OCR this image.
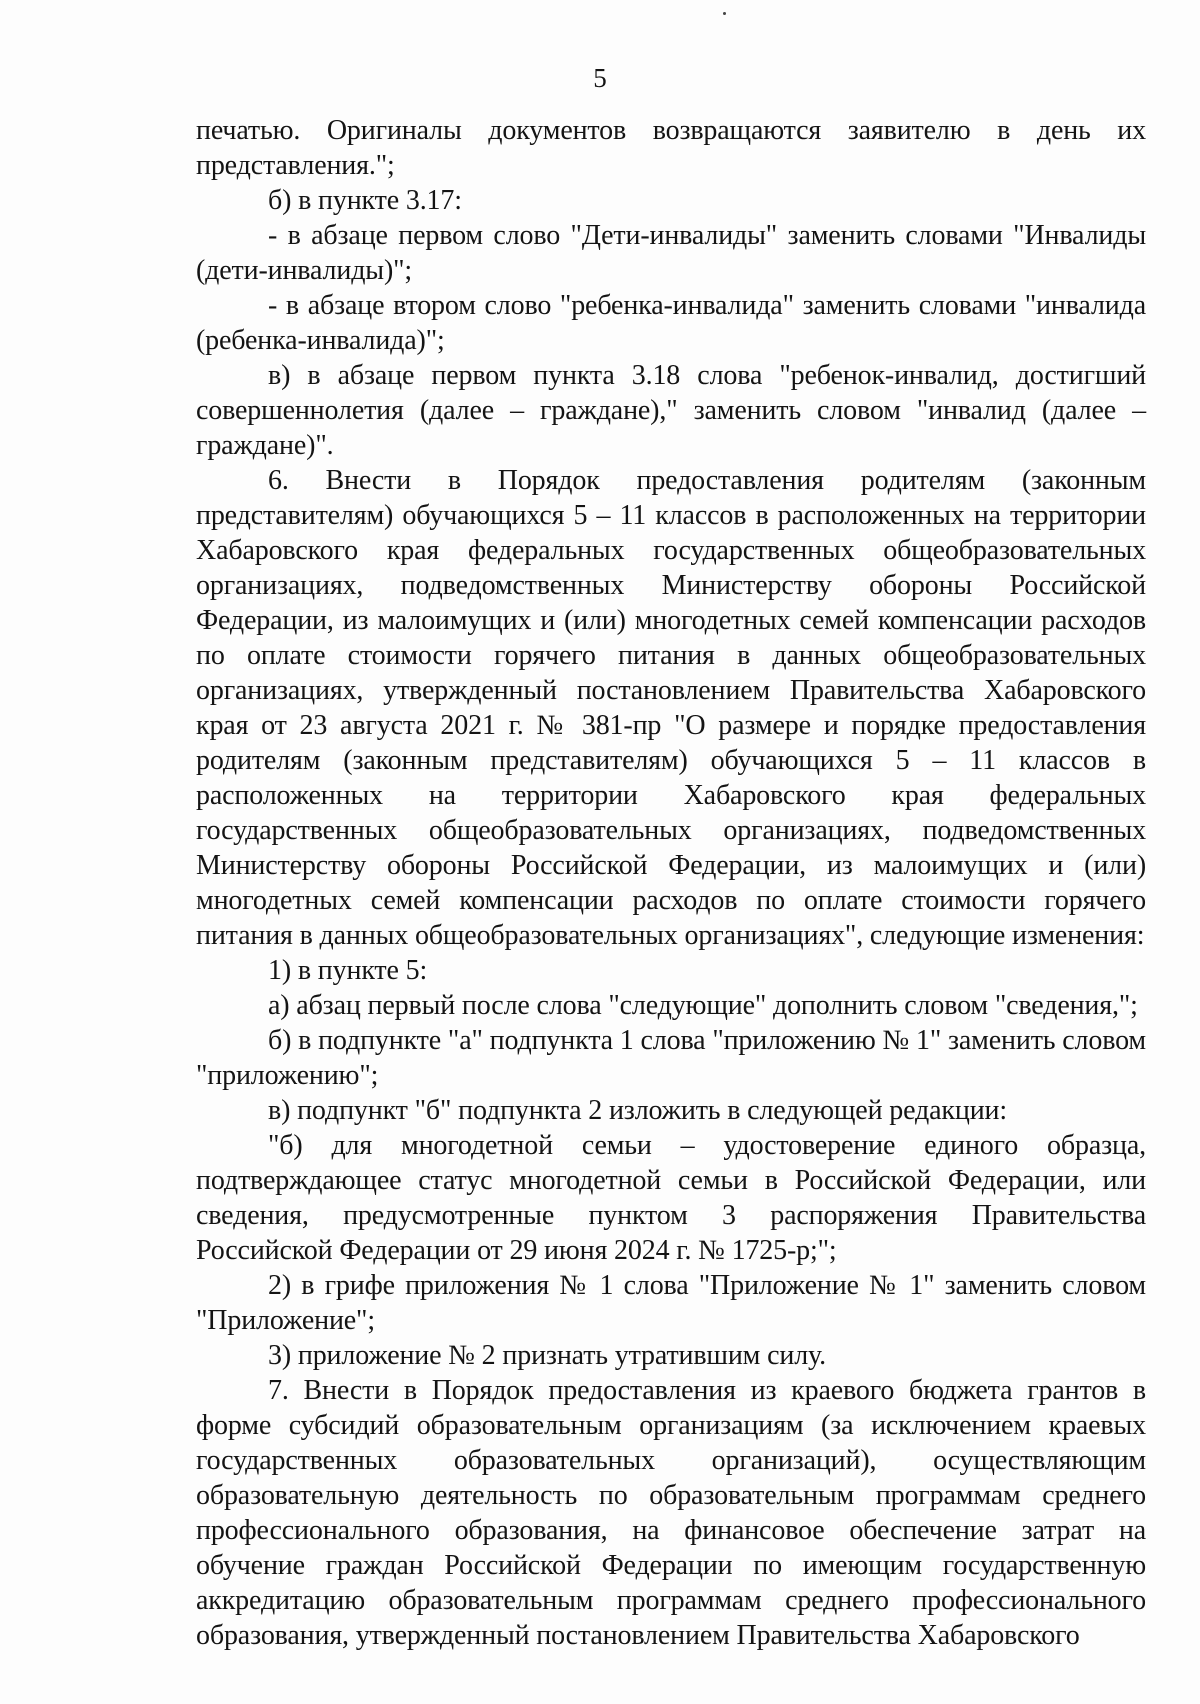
5

печатью. Оригиналы документов возвращаются заявителю в день их представления.";

б) в пункте 3.17:

- в абзаце первом слово "Дети-инвалиды" заменить словами "Инвалиды (дети-инвалиды)";

- в абзаце втором слово "ребенка-инвалида" заменить словами "инвалида (ребенка-инвалида)";

в) в абзаце первом пункта 3.18 слова "ребенок-инвалид, достигший совершеннолетия (далее – граждане)," заменить словом "инвалид (далее – граждане)".

6. Внести в Порядок предоставления родителям (законным представителям) обучающихся 5 – 11 классов в расположенных на территории Хабаровского края федеральных государственных общеобразовательных организациях, подведомственных Министерству обороны Российской Федерации, из малоимущих и (или) многодетных семей компенсации расходов по оплате стоимости горячего питания в данных общеобразовательных организациях, утвержденный постановлением Правительства Хабаровского края от 23 августа 2021 г. № 381-пр "О размере и порядке предоставления родителям (законным представителям) обучающихся 5 – 11 классов в расположенных на территории Хабаровского края федеральных государственных общеобразовательных организациях, подведомственных Министерству обороны Российской Федерации, из малоимущих и (или) многодетных семей компенсации расходов по оплате стоимости горячего питания в данных общеобразовательных организациях", следующие изменения:

1) в пункте 5:

а) абзац первый после слова "следующие" дополнить словом "сведения,";

б) в подпункте "а" подпункта 1 слова "приложению № 1" заменить словом "приложению";

в) подпункт "б" подпункта 2 изложить в следующей редакции:

"б) для многодетной семьи – удостоверение единого образца, подтверждающее статус многодетной семьи в Российской Федерации, или сведения, предусмотренные пунктом 3 распоряжения Правительства Российской Федерации от 29 июня 2024 г. № 1725-р;";

2) в грифе приложения № 1 слова "Приложение № 1" заменить словом "Приложение";

3) приложение № 2 признать утратившим силу.

7. Внести в Порядок предоставления из краевого бюджета грантов в форме субсидий образовательным организациям (за исключением краевых государственных образовательных организаций), осуществляющим образовательную деятельность по образовательным программам среднего профессионального образования, на финансовое обеспечение затрат на обучение граждан Российской Федерации по имеющим государственную аккредитацию образовательным программам среднего профессионального образования, утвержденный постановлением Правительства Хабаровского
